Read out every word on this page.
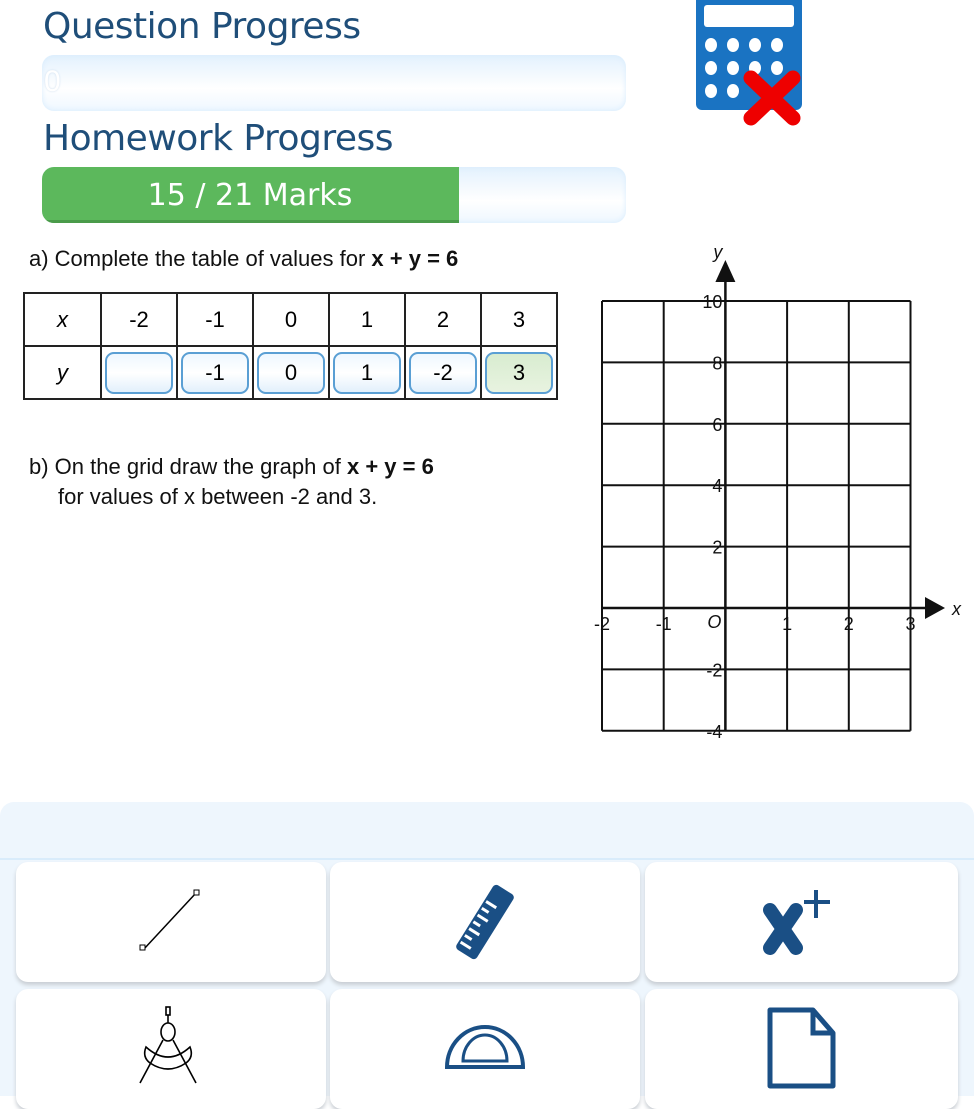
Question Progress
0
Homework Progress
15 / 21 Marks
a) Complete the table of values for x + y = 6
x	-2	-1	0	1	2	3
y		-1	0	1	-2	3
b) On the grid draw the graph of x + y = 6
for values of x between -2 and 3.
y
x
O
-2	-1	1	2	3
10
8
6
4
2
-2
-4
